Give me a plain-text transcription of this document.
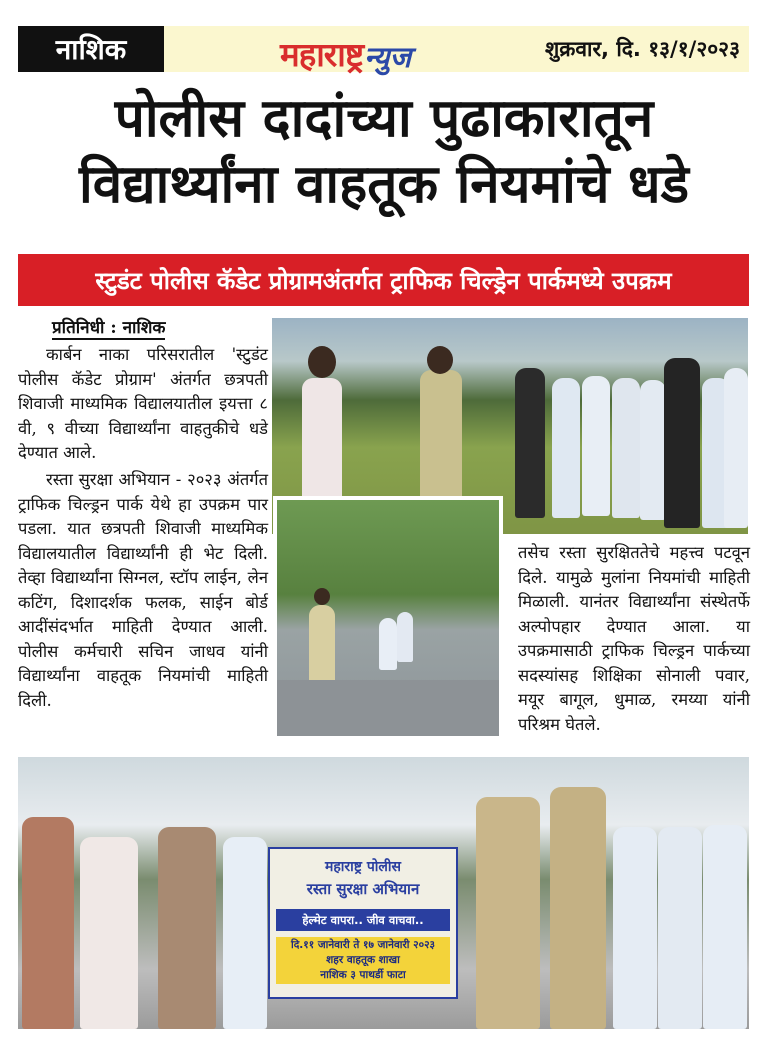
नाशिक	महाराष्ट्र न्युज	शुक्रवार, दि. १३/१/२०२३
पोलीस दादांच्या पुढाकारातून
विद्यार्थ्यांना वाहतूक नियमांचे धडे
स्टुडंट पोलीस कॅडेट प्रोग्रामअंतर्गत ट्राफिक चिल्ड्रेन पार्कमध्ये उपक्रम
प्रतिनिधी : नाशिक
कार्बन नाका परिसरातील 'स्टुडंट पोलीस कॅडेट प्रोग्राम' अंतर्गत छत्रपती शिवाजी माध्यमिक विद्यालयातील इयत्ता ८ वी, ९ वीच्या विद्यार्थ्यांना वाहतुकीचे धडे देण्यात आले.
रस्ता सुरक्षा अभियान - २०२३ अंतर्गत ट्राफिक चिल्ड्रन पार्क येथे हा उपक्रम पार पडला. यात छत्रपती शिवाजी माध्यमिक विद्यालयातील विद्यार्थ्यांनी ही भेट दिली. तेव्हा विद्यार्थ्यांना सिग्नल, स्टॉप लाईन, लेन कटिंग, दिशादर्शक फलक, साईन बोर्ड आदींसंदर्भात माहिती देण्यात आली. पोलीस कर्मचारी सचिन जाधव यांनी विद्यार्थ्यांना वाहतूक नियमांची माहिती दिली.
तसेच रस्ता सुरक्षिततेचे महत्त्व पटवून दिले. यामुळे मुलांना नियमांची माहिती मिळाली. यानंतर विद्यार्थ्यांना संस्थेतर्फे अल्पोपहार देण्यात आला. या उपक्रमासाठी ट्राफिक चिल्ड्रन पार्कच्या सदस्यांसह शिक्षिका सोनाली पवार, मयूर बागूल, धुमाळ, रमय्या यांनी परिश्रम घेतले.
महाराष्ट्र पोलीस
रस्ता सुरक्षा अभियान
हेल्मेट वापरा.. जीव वाचवा..
दि.११ जानेवारी ते १७ जानेवारी २०२३
शहर वाहतूक शाखा
नाशिक ३ पाथर्डी फाटा
